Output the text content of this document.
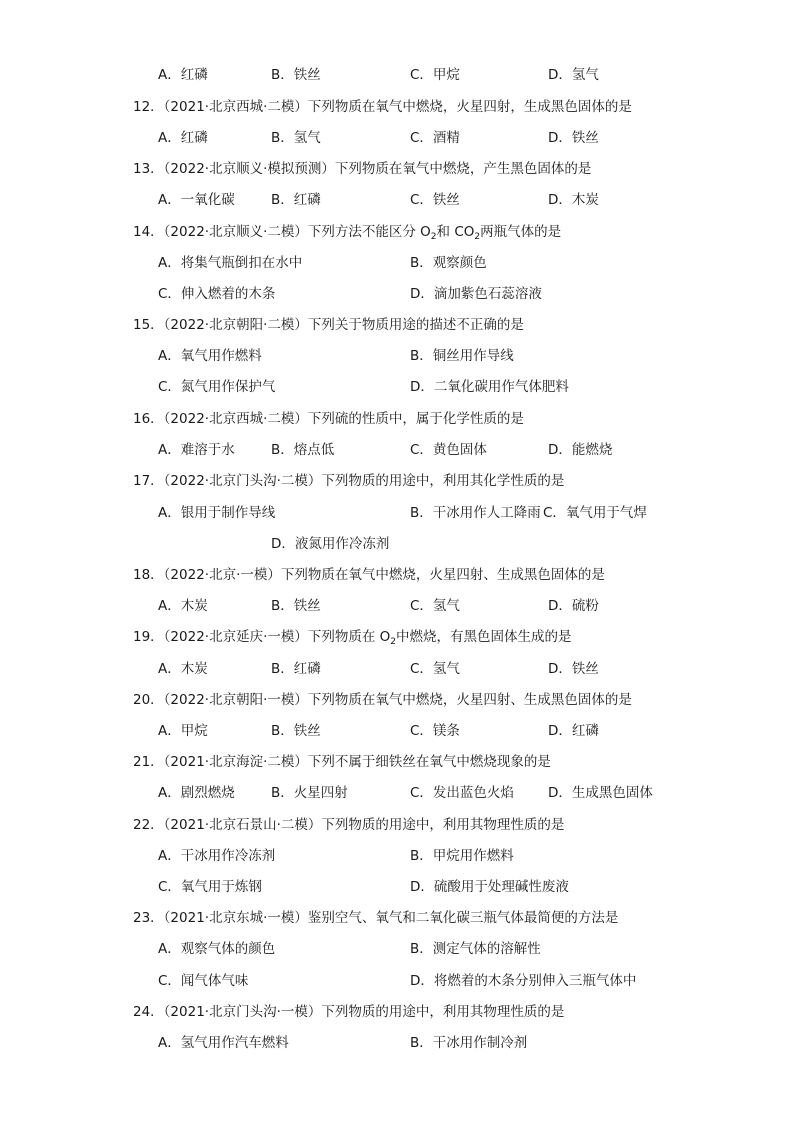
A．红磷	B．铁丝	C．甲烷	D．氢气
12．（2021·北京西城·二模）下列物质在氧气中燃烧，火星四射，生成黑色固体的是
A．红磷	B．氢气	C．酒精	D．铁丝
13．（2022·北京顺义·模拟预测）下列物质在氧气中燃烧，产生黑色固体的是
A．一氧化碳	B．红磷	C．铁丝	D．木炭
14．（2022·北京顺义·二模）下列方法不能区分 $O_2$和 $CO_2$两瓶气体的是
A．将集气瓶倒扣在水中	B．观察颜色
C．伸入燃着的木条	D．滴加紫色石蕊溶液
15．（2022·北京朝阳·二模）下列关于物质用途的描述不正确的是
A．氧气用作燃料	B．铜丝用作导线
C．氮气用作保护气	D．二氧化碳用作气体肥料
16．（2022·北京西城·二模）下列硫的性质中，属于化学性质的是
A．难溶于水	B．熔点低	C．黄色固体	D．能燃烧
17．（2022·北京门头沟·二模）下列物质的用途中，利用其化学性质的是
A．银用于制作导线	B．干冰用作人工降雨 C．氧气用于气焊
D．液氮用作冷冻剂
18．（2022·北京·一模）下列物质在氧气中燃烧，火星四射、生成黑色固体的是
A．木炭	B．铁丝	C．氢气	D．硫粉
19．（2022·北京延庆·一模）下列物质在 $O_2$中燃烧，有黑色固体生成的是
A．木炭	B．红磷	C．氢气	D．铁丝
20．（2022·北京朝阳·一模）下列物质在氧气中燃烧，火星四射、生成黑色固体的是
A．甲烷	B．铁丝	C．镁条	D．红磷
21．（2021·北京海淀·二模）下列不属于细铁丝在氧气中燃烧现象的是
A．剧烈燃烧	B．火星四射	C．发出蓝色火焰	D．生成黑色固体
22．（2021·北京石景山·二模）下列物质的用途中，利用其物理性质的是
A．干冰用作冷冻剂	B．甲烷用作燃料
C．氧气用于炼钢	D．硫酸用于处理碱性废液
23．（2021·北京东城·一模）鉴别空气、氧气和二氧化碳三瓶气体最简便的方法是
A．观察气体的颜色	B．测定气体的溶解性
C．闻气体气味	D．将燃着的木条分别伸入三瓶气体中
24．（2021·北京门头沟·一模）下列物质的用途中，利用其物理性质的是
A．氢气用作汽车燃料	B．干冰用作制冷剂
